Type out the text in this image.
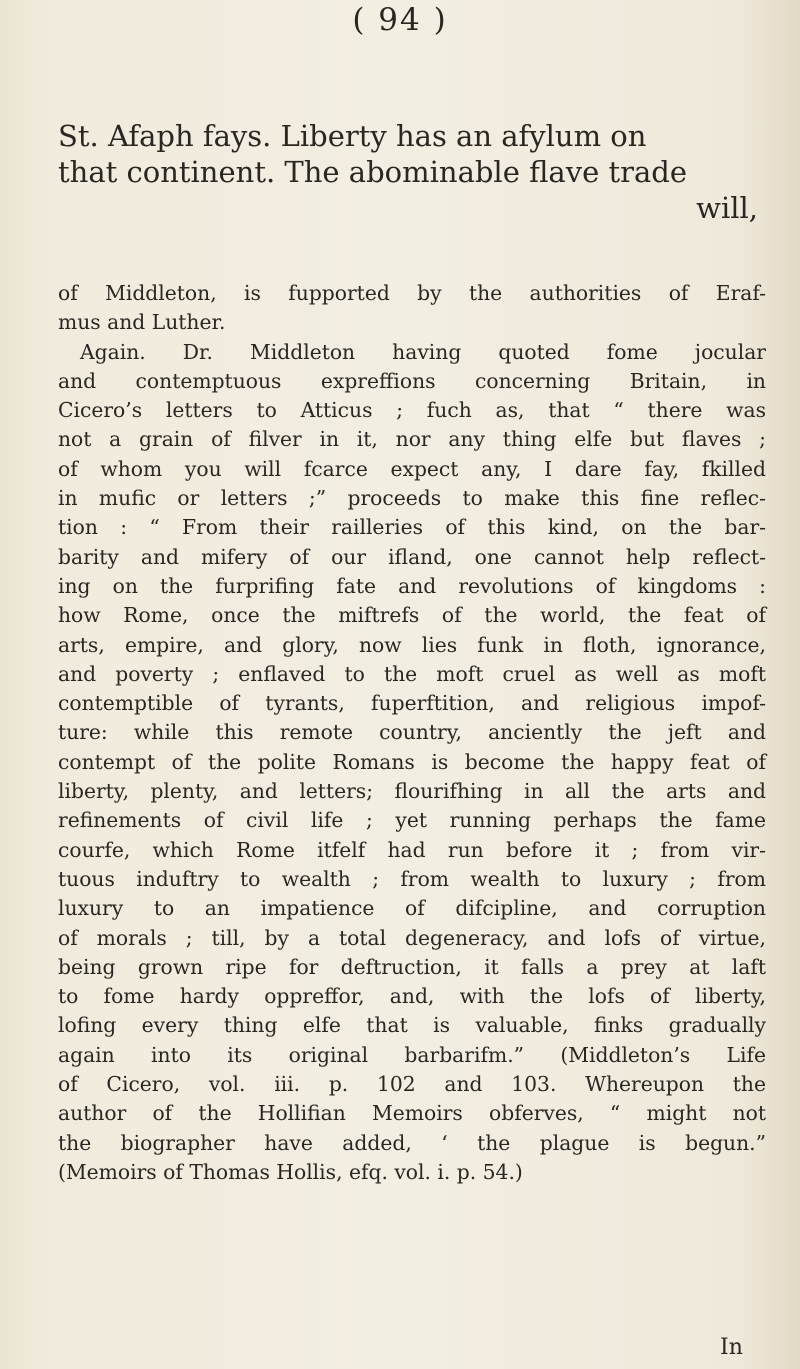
( 94 )
St. Afaph fays. Liberty has an afylum on
that continent. The abominable flave trade
will,
of Middleton, is fupported by the authorities of Eraf-
mus and Luther.
Again. Dr. Middleton having quoted fome jocular
and contemptuous expreffions concerning Britain, in
Cicero’s letters to Atticus ; fuch as, that “ there was
not a grain of filver in it, nor any thing elfe but flaves ;
of whom you will fcarce expect any, I dare fay, fkilled
in mufic or letters ;” proceeds to make this fine reflec-
tion : “ From their railleries of this kind, on the bar-
barity and mifery of our ifland, one cannot help reflect-
ing on the furprifing fate and revolutions of kingdoms :
how Rome, once the miftrefs of the world, the feat of
arts, empire, and glory, now lies funk in floth, ignorance,
and poverty ; enflaved to the moft cruel as well as moft
contemptible of tyrants, fuperftition, and religious impof-
ture: while this remote country, anciently the jeft and
contempt of the polite Romans is become the happy feat of
liberty, plenty, and letters; flourifhing in all the arts and
refinements of civil life ; yet running perhaps the fame
courfe, which Rome itfelf had run before it ; from vir-
tuous induftry to wealth ; from wealth to luxury ; from
luxury to an impatience of difcipline, and corruption
of morals ; till, by a total degeneracy, and lofs of virtue,
being grown ripe for deftruction, it falls a prey at laft
to fome hardy oppreffor, and, with the lofs of liberty,
lofing every thing elfe that is valuable, finks gradually
again into its original barbarifm.” (Middleton’s Life
of Cicero, vol. iii. p. 102 and 103. Whereupon the
author of the Hollifian Memoirs obferves, “ might not
the biographer have added, ‘ the plague is begun.”
(Memoirs of Thomas Hollis, efq. vol. i. p. 54.)
In
